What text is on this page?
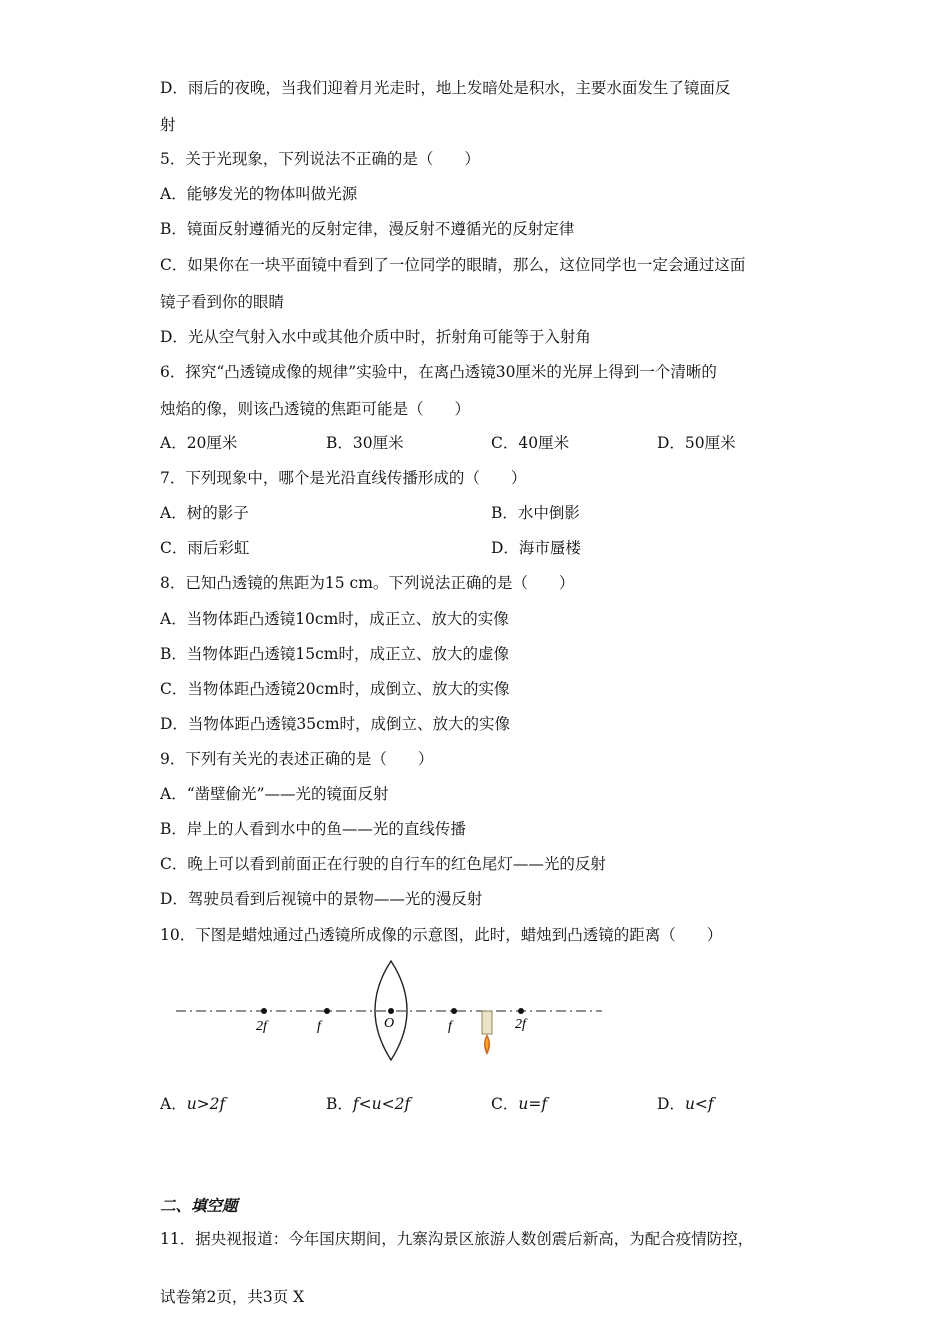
D．雨后的夜晚，当我们迎着月光走时，地上发暗处是积水，主要水面发生了镜面反
射
5．关于光现象，下列说法不正确的是（　　）
A．能够发光的物体叫做光源
B．镜面反射遵循光的反射定律，漫反射不遵循光的反射定律
C．如果你在一块平面镜中看到了一位同学的眼睛，那么，这位同学也一定会通过这面
镜子看到你的眼睛
D．光从空气射入水中或其他介质中时，折射角可能等于入射角
6．探究“凸透镜成像的规律”实验中，在离凸透镜30厘米的光屏上得到一个清晰的
烛焰的像，则该凸透镜的焦距可能是（　　）
A．20厘米	B．30厘米	C．40厘米	D．50厘米
7．下列现象中，哪个是光沿直线传播形成的（　　）
A．树的影子	B．水中倒影
C．雨后彩虹	D．海市蜃楼
8．已知凸透镜的焦距为15 cm。下列说法正确的是（　　）
A．当物体距凸透镜10cm时，成正立、放大的实像
B．当物体距凸透镜15cm时，成正立、放大的虚像
C．当物体距凸透镜20cm时，成倒立、放大的实像
D．当物体距凸透镜35cm时，成倒立、放大的实像
9．下列有关光的表述正确的是（　　）
A．“凿壁偷光”——光的镜面反射
B．岸上的人看到水中的鱼——光的直线传播
C．晚上可以看到前面正在行驶的自行车的红色尾灯——光的反射
D．驾驶员看到后视镜中的景物——光的漫反射
10．下图是蜡烛通过凸透镜所成像的示意图，此时，蜡烛到凸透镜的距离（　　）
2f	f	O	f	2f
A．u>2f	B．f<u<2f	C．u=f	D．u<f
二、填空题
11．据央视报道：今年国庆期间，九寨沟景区旅游人数创震后新高，为配合疫情防控，
试卷第2页，共3页 X
